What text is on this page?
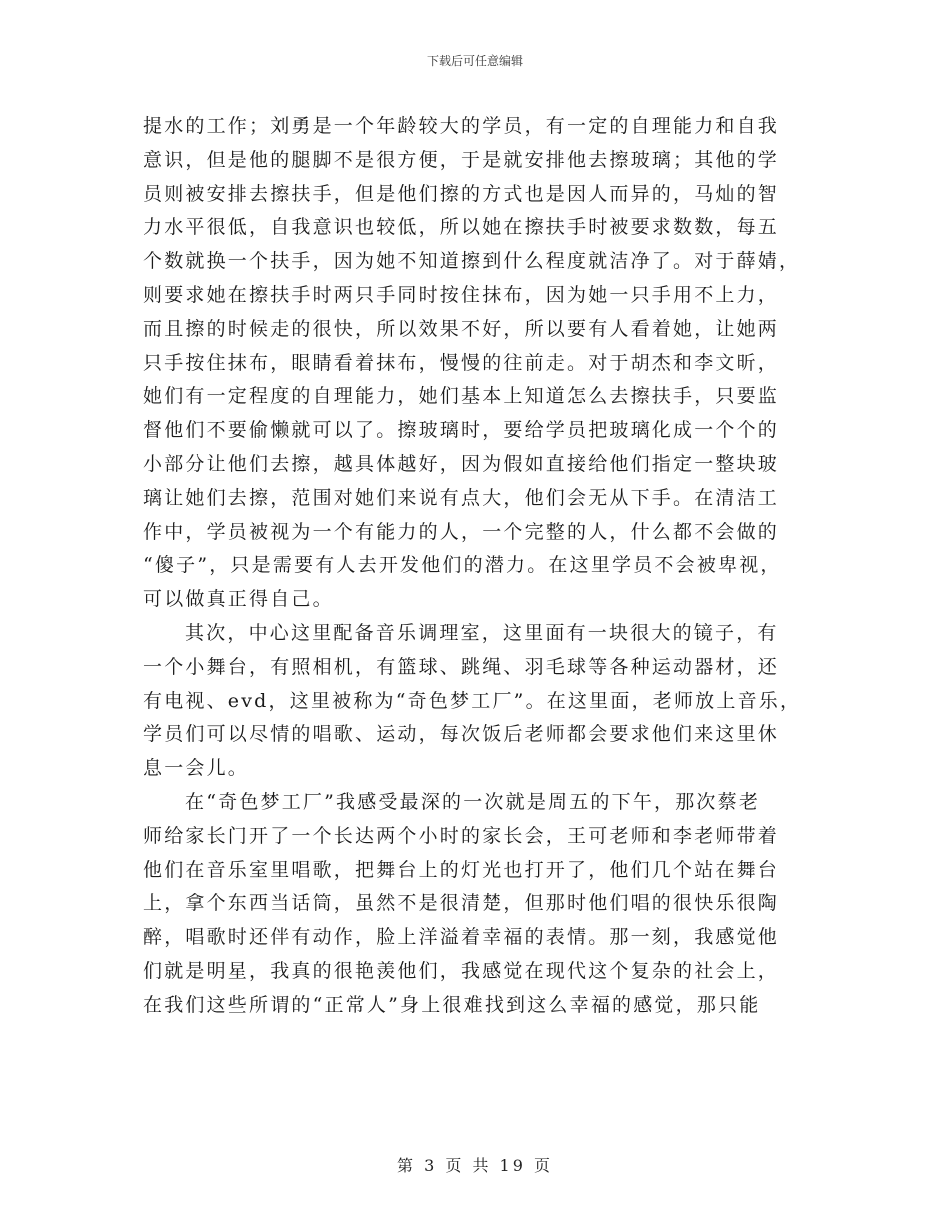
下载后可任意编辑
提水的工作；刘勇是一个年龄较大的学员，有一定的自理能力和自我
意识，但是他的腿脚不是很方便，于是就安排他去擦玻璃；其他的学
员则被安排去擦扶手，但是他们擦的方式也是因人而异的，马灿的智
力水平很低，自我意识也较低，所以她在擦扶手时被要求数数，每五
个数就换一个扶手，因为她不知道擦到什么程度就洁净了。对于薛婧，
则要求她在擦扶手时两只手同时按住抹布，因为她一只手用不上力，
而且擦的时候走的很快，所以效果不好，所以要有人看着她，让她两
只手按住抹布，眼睛看着抹布，慢慢的往前走。对于胡杰和李文昕，
她们有一定程度的自理能力，她们基本上知道怎么去擦扶手，只要监
督他们不要偷懒就可以了。擦玻璃时，要给学员把玻璃化成一个个的
小部分让他们去擦，越具体越好，因为假如直接给他们指定一整块玻
璃让她们去擦，范围对她们来说有点大，他们会无从下手。在清洁工
作中，学员被视为一个有能力的人，一个完整的人，什么都不会做的
“傻子”，只是需要有人去开发他们的潜力。在这里学员不会被卑视，
可以做真正得自己。
其次，中心这里配备音乐调理室，这里面有一块很大的镜子，有
一个小舞台，有照相机，有篮球、跳绳、羽毛球等各种运动器材，还
有电视、evd，这里被称为“奇色梦工厂”。在这里面，老师放上音乐，
学员们可以尽情的唱歌、运动，每次饭后老师都会要求他们来这里休
息一会儿。
在“奇色梦工厂”我感受最深的一次就是周五的下午，那次蔡老
师给家长门开了一个长达两个小时的家长会，王可老师和李老师带着
他们在音乐室里唱歌，把舞台上的灯光也打开了，他们几个站在舞台
上，拿个东西当话筒，虽然不是很清楚，但那时他们唱的很快乐很陶
醉，唱歌时还伴有动作，脸上洋溢着幸福的表情。那一刻，我感觉他
们就是明星，我真的很艳羡他们，我感觉在现代这个复杂的社会上，
在我们这些所谓的“正常人”身上很难找到这么幸福的感觉，那只能
第 3 页 共 19 页
